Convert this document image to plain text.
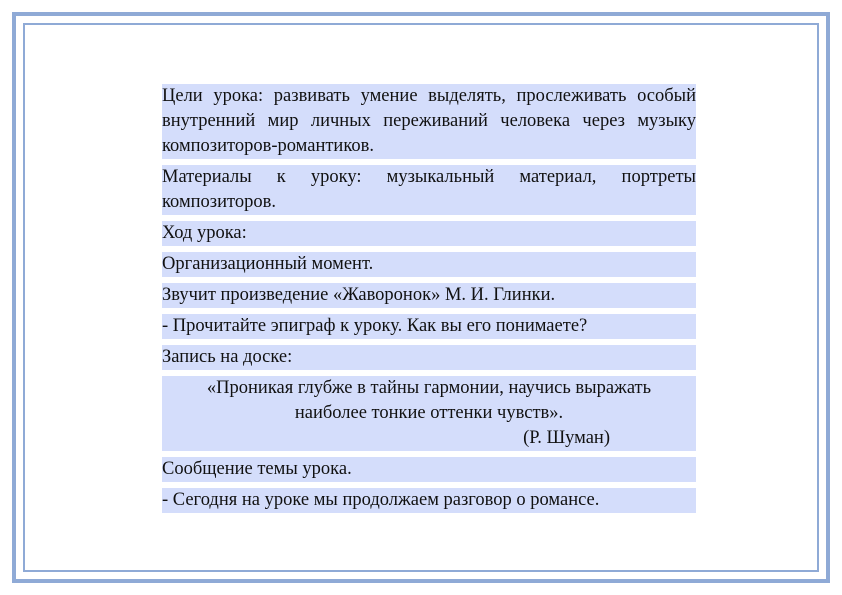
Цели урока: развивать умение выделять, прослеживать особый внутренний мир личных переживаний человека через музыку композиторов-романтиков.

Материалы к уроку: музыкальный материал, портреты композиторов.

Ход урока:

Организационный момент.

Звучит произведение «Жаворонок» М. И. Глинки.

- Прочитайте эпиграф к уроку. Как вы его понимаете?

Запись на доске:

«Проникая глубже в тайны гармонии, научись выражать
наиболее тонкие оттенки чувств».
(Р. Шуман)

Сообщение темы урока.

- Сегодня на уроке мы продолжаем разговор о романсе.
